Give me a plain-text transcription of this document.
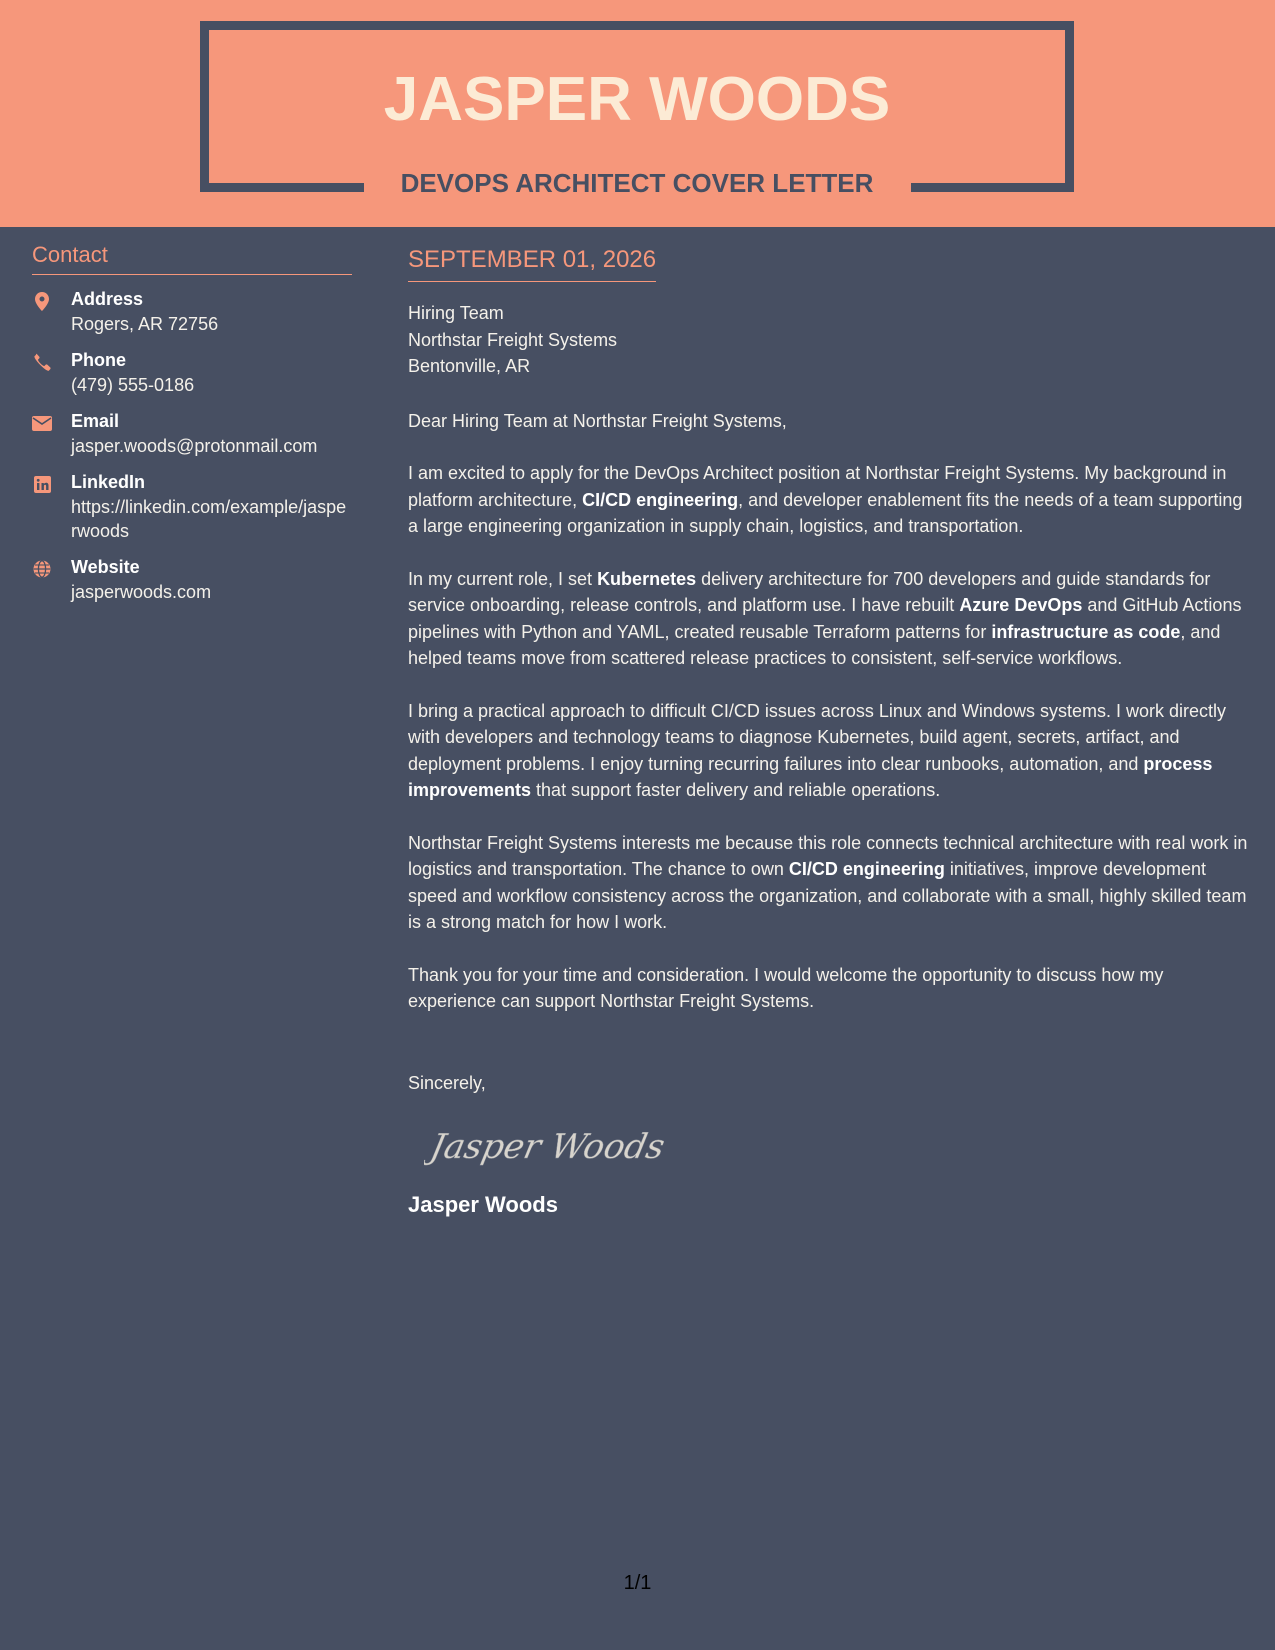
JASPER WOODS
DEVOPS ARCHITECT COVER LETTER
Contact
Address
Rogers, AR 72756
Phone
(479) 555-0186
Email
jasper.woods@protonmail.com
LinkedIn
https://linkedin.com/example/jasperwoods
Website
jasperwoods.com
SEPTEMBER 01, 2026
Hiring Team
Northstar Freight Systems
Bentonville, AR
Dear Hiring Team at Northstar Freight Systems,

I am excited to apply for the DevOps Architect position at Northstar Freight Systems. My background in platform architecture, CI/CD engineering, and developer enablement fits the needs of a team supporting a large engineering organization in supply chain, logistics, and transportation.

In my current role, I set Kubernetes delivery architecture for 700 developers and guide standards for service onboarding, release controls, and platform use. I have rebuilt Azure DevOps and GitHub Actions pipelines with Python and YAML, created reusable Terraform patterns for infrastructure as code, and helped teams move from scattered release practices to consistent, self-service workflows.

I bring a practical approach to difficult CI/CD issues across Linux and Windows systems. I work directly with developers and technology teams to diagnose Kubernetes, build agent, secrets, artifact, and deployment problems. I enjoy turning recurring failures into clear runbooks, automation, and process improvements that support faster delivery and reliable operations.

Northstar Freight Systems interests me because this role connects technical architecture with real work in logistics and transportation. The chance to own CI/CD engineering initiatives, improve development speed and workflow consistency across the organization, and collaborate with a small, highly skilled team is a strong match for how I work.

Thank you for your time and consideration. I would welcome the opportunity to discuss how my experience can support Northstar Freight Systems.

Sincerely,
Jasper Woods
Jasper Woods
1/1
